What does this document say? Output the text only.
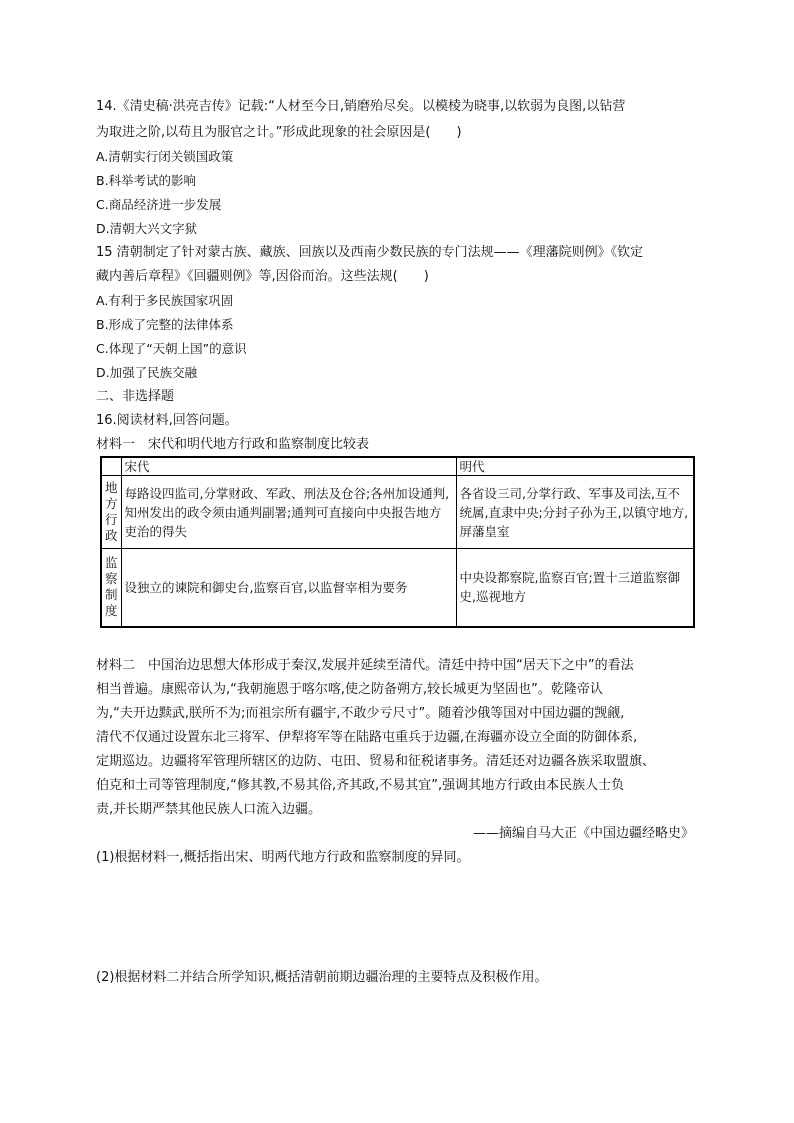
14.《清史稿·洪亮吉传》记载:“人材至今日,销磨殆尽矣。以模棱为晓事,以软弱为良图,以钻营
为取进之阶,以苟且为服官之计。”形成此现象的社会原因是(　　)
A.清朝实行闭关锁国政策
B.科举考试的影响
C.商品经济进一步发展
D.清朝大兴文字狱
15 清朝制定了针对蒙古族、藏族、回族以及西南少数民族的专门法规——《理藩院则例》《钦定
藏内善后章程》《回疆则例》等,因俗而治。这些法规(　　)
A.有利于多民族国家巩固
B.形成了完整的法律体系
C.体现了“天朝上国”的意识
D.加强了民族交融
二、非选择题
16.阅读材料,回答问题。
材料一　宋代和明代地方行政和监察制度比较表
	宋代	明代
地方行政	每路设四监司,分掌财政、军政、刑法及仓谷;各州加设通判,知州发出的政令须由通判副署;通判可直接向中央报告地方吏治的得失	各省设三司,分掌行政、军事及司法,互不统属,直隶中央;分封子孙为王,以镇守地方,屏藩皇室
监察制度	设独立的谏院和御史台,监察百官,以监督宰相为要务	中央设都察院,监察百官;置十三道监察御史,巡视地方
材料二　中国治边思想大体形成于秦汉,发展并延续至清代。清廷中持中国“居天下之中”的看法
相当普遍。康熙帝认为,“我朝施恩于喀尔喀,使之防备朔方,较长城更为坚固也”。乾隆帝认
为,“夫开边黩武,朕所不为;而祖宗所有疆宇,不敢少亏尺寸”。随着沙俄等国对中国边疆的觊觎,
清代不仅通过设置东北三将军、伊犁将军等在陆路屯重兵于边疆,在海疆亦设立全面的防御体系,
定期巡边。边疆将军管理所辖区的边防、屯田、贸易和征税诸事务。清廷还对边疆各族采取盟旗、
伯克和土司等管理制度,“修其教,不易其俗,齐其政,不易其宜”,强调其地方行政由本民族人士负
责,并长期严禁其他民族人口流入边疆。
——摘编自马大正《中国边疆经略史》
(1)根据材料一,概括指出宋、明两代地方行政和监察制度的异同。
(2)根据材料二并结合所学知识,概括清朝前期边疆治理的主要特点及积极作用。
